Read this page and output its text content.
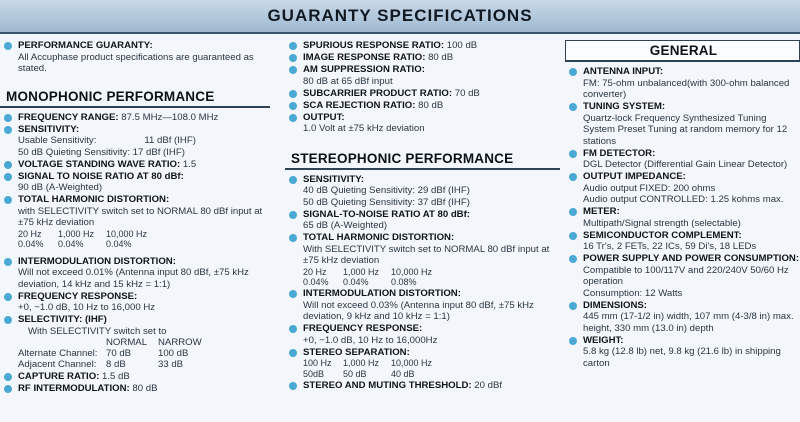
GUARANTY SPECIFICATIONS
PERFORMANCE GUARANTY:
All Accuphase product specifications are guaranteed as stated.
MONOPHONIC PERFORMANCE
FREQUENCY RANGE: 87.5 MHz—108.0 MHz
SENSITIVITY:
Usable Sensitivity:                  11 dBf (IHF)
50 dB Quieting Sensitivity: 17 dBf (IHF)
VOLTAGE STANDING WAVE RATIO: 1.5
SIGNAL TO NOISE RATIO AT 80 dBf:
90 dB (A-Weighted)
TOTAL HARMONIC DISTORTION:
with SELECTIVITY switch set to NORMAL 80 dBf input at ±75 kHz deviation
20 Hz	1,000 Hz	10,000 Hz
0.04%	0.04%	0.04%
INTERMODULATION DISTORTION:
Will not exceed 0.01% (Antenna input 80 dBf, ±75 kHz deviation, 14 kHz and 15 kHz = 1:1)
FREQUENCY RESPONSE:
+0, −1.0 dB, 10 Hz to 16,000 Hz
SELECTIVITY: (IHF)
With SELECTIVITY switch set to
NORMAL	NARROW
Alternate Channel: 70 dB	100 dB
Adjacent Channel: 8 dB	33 dB
CAPTURE RATIO: 1.5 dB
RF INTERMODULATION: 80 dB
SPURIOUS RESPONSE RATIO: 100 dB
IMAGE RESPONSE RATIO: 80 dB
AM SUPPRESSION RATIO:
80 dB at 65 dBf input
SUBCARRIER PRODUCT RATIO: 70 dB
SCA REJECTION RATIO: 80 dB
OUTPUT:
1.0 Volt at ±75 kHz deviation
STEREOPHONIC PERFORMANCE
SENSITIVITY:
40 dB Quieting Sensitivity: 29 dBf (IHF)
50 dB Quieting Sensitivity: 37 dBf (IHF)
SIGNAL-TO-NOISE RATIO AT 80 dBf:
65 dB (A-Weighted)
TOTAL HARMONIC DISTORTION:
With SELECTIVITY switch set to NORMAL 80 dBf input at ±75 kHz deviation
20 Hz	1,000 Hz	10,000 Hz
0.04%	0.04%	0.08%
INTERMODULATION DISTORTION:
Will not exceed 0.03% (Antenna input 80 dBf, ±75 kHz deviation, 9 kHz and 10 kHz = 1:1)
FREQUENCY RESPONSE:
+0, −1.0 dB, 10 Hz to 16,000Hz
STEREO SEPARATION:
100 Hz	1,000 Hz	10,000 Hz
50dB	50 dB	40 dB
STEREO AND MUTING THRESHOLD: 20 dBf
GENERAL
ANTENNA INPUT:
FM: 75-ohm unbalanced(with 300-ohm balanced converter)
TUNING SYSTEM:
Quartz-lock Frequency Synthesized Tuning System Preset Tuning at random memory for 12 stations
FM DETECTOR:
DGL Detector (Differential Gain Linear Detector)
OUTPUT IMPEDANCE:
Audio output FIXED: 200 ohms
Audio output CONTROLLED: 1.25 kohms max.
METER:
Multipath/Signal strength (selectable)
SEMICONDUCTOR COMPLEMENT:
16 Tr's, 2 FETs, 22 ICs, 59 Di's, 18 LEDs
POWER SUPPLY AND POWER CONSUMPTION:
Compatible to 100/117V and 220/240V 50/60 Hz operation
Consumption: 12 Watts
DIMENSIONS:
445 mm (17-1/2 in) width, 107 mm (4-3/8 in) max. height, 330 mm (13.0 in) depth
WEIGHT:
5.8 kg (12.8 lb) net, 9.8 kg (21.6 lb) in shipping carton
